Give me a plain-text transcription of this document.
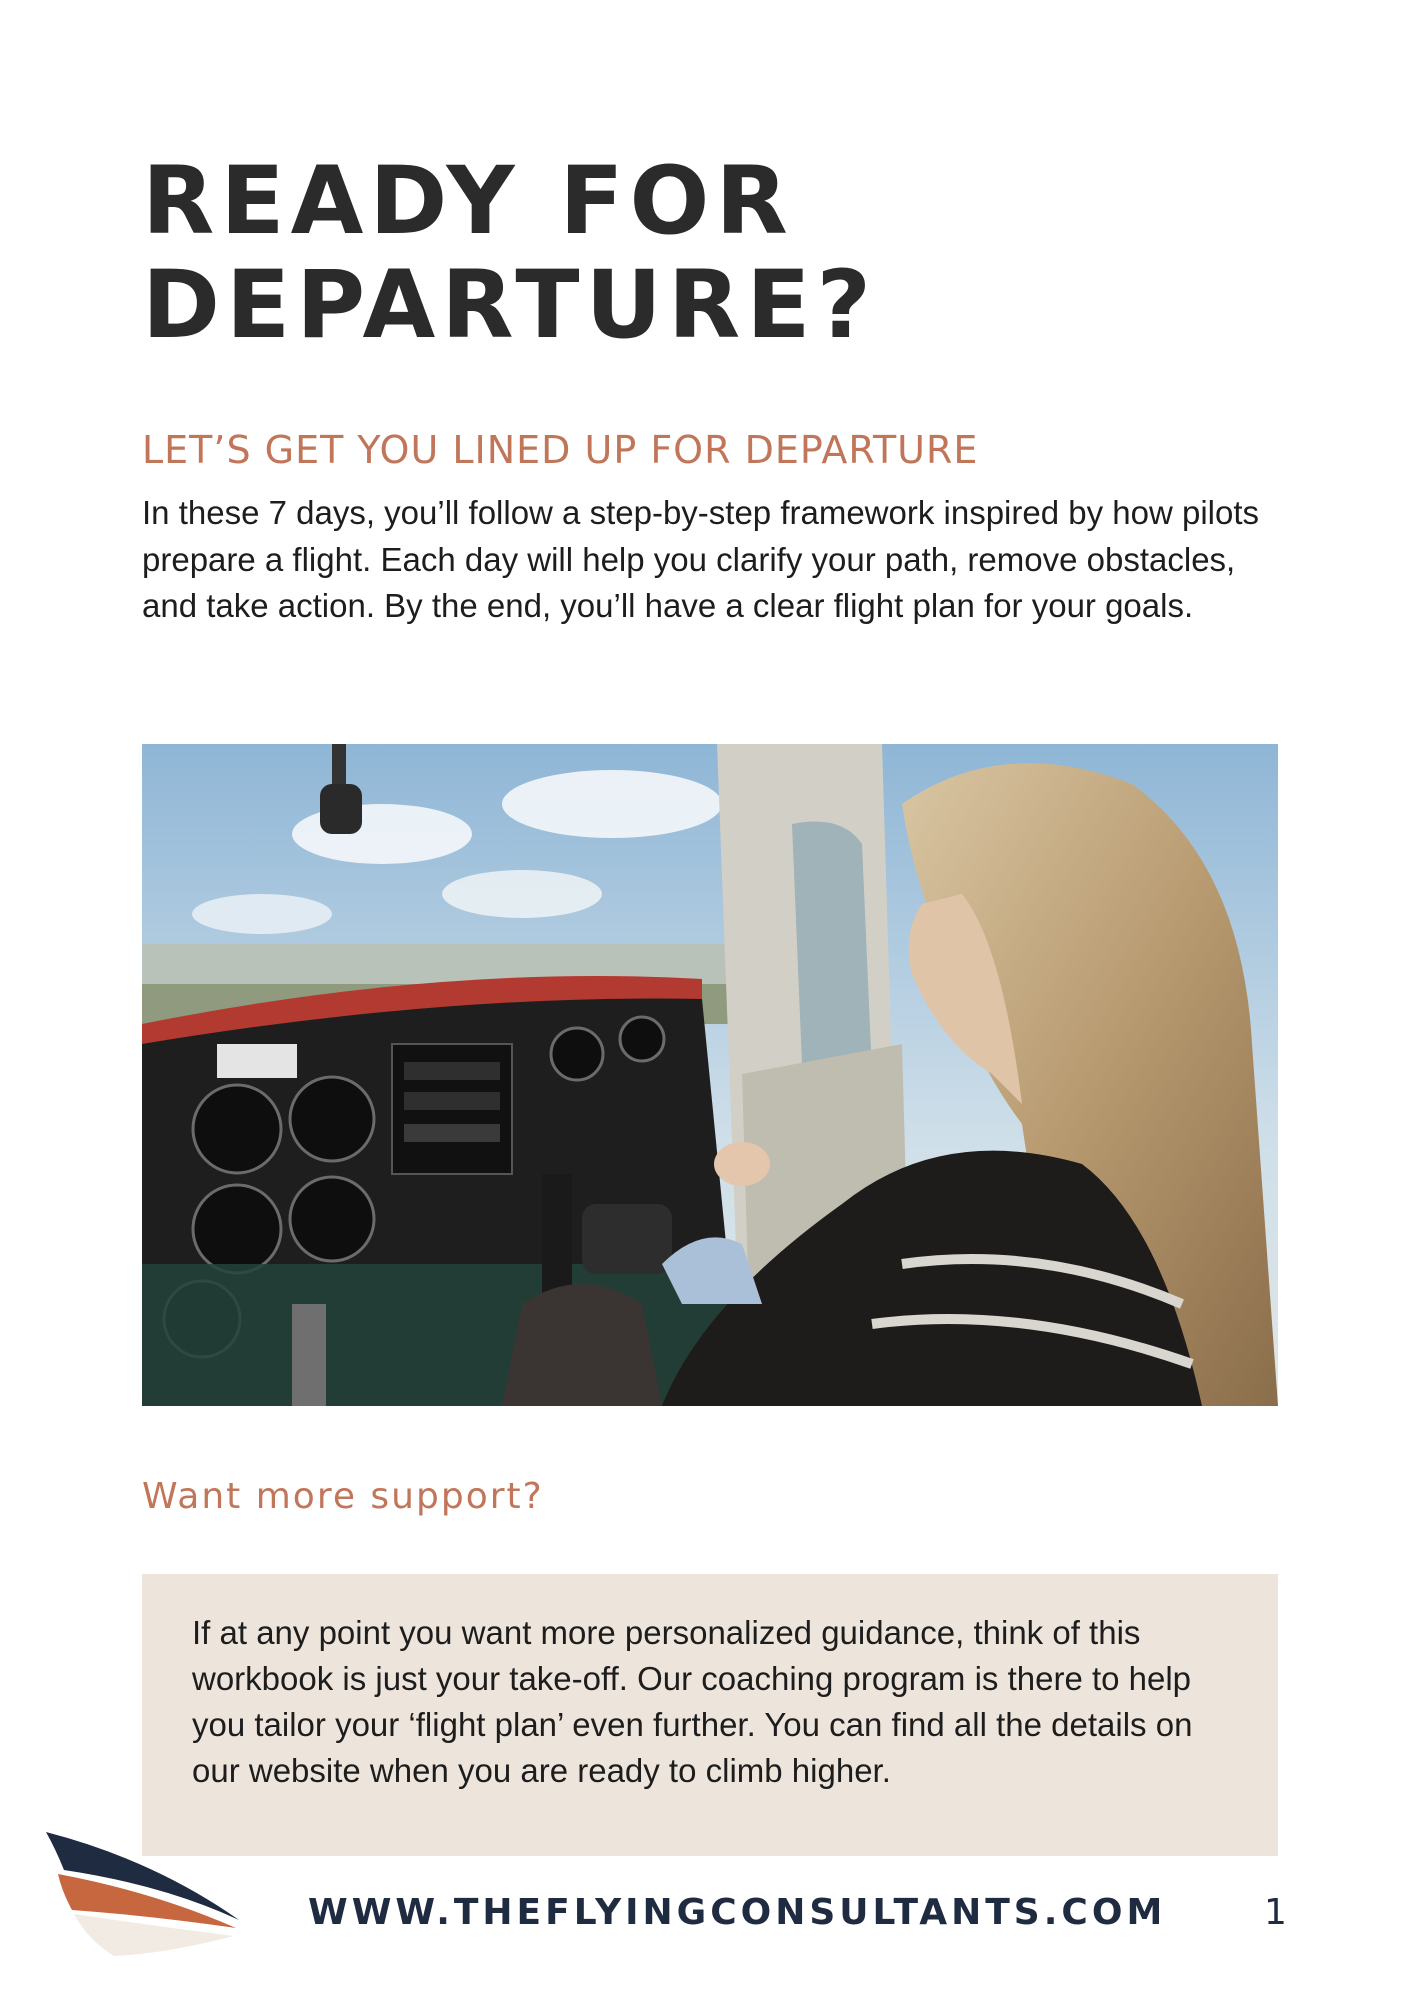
READY FOR
DEPARTURE?
LET’S GET YOU LINED UP FOR DEPARTURE

In these 7 days, you’ll follow a step-by-step framework inspired by how pilots prepare a flight. Each day will help you clarify your path, remove obstacles, and take action. By the end, you’ll have a clear flight plan for your goals.

Want more support?

If at any point you want more personalized guidance, think of this workbook is just your take-off. Our coaching program is there to help you tailor your ‘flight plan’ even further. You can find all the details on our website when you are ready to climb higher.

WWW.THEFLYINGCONSULTANTS.COM	1
